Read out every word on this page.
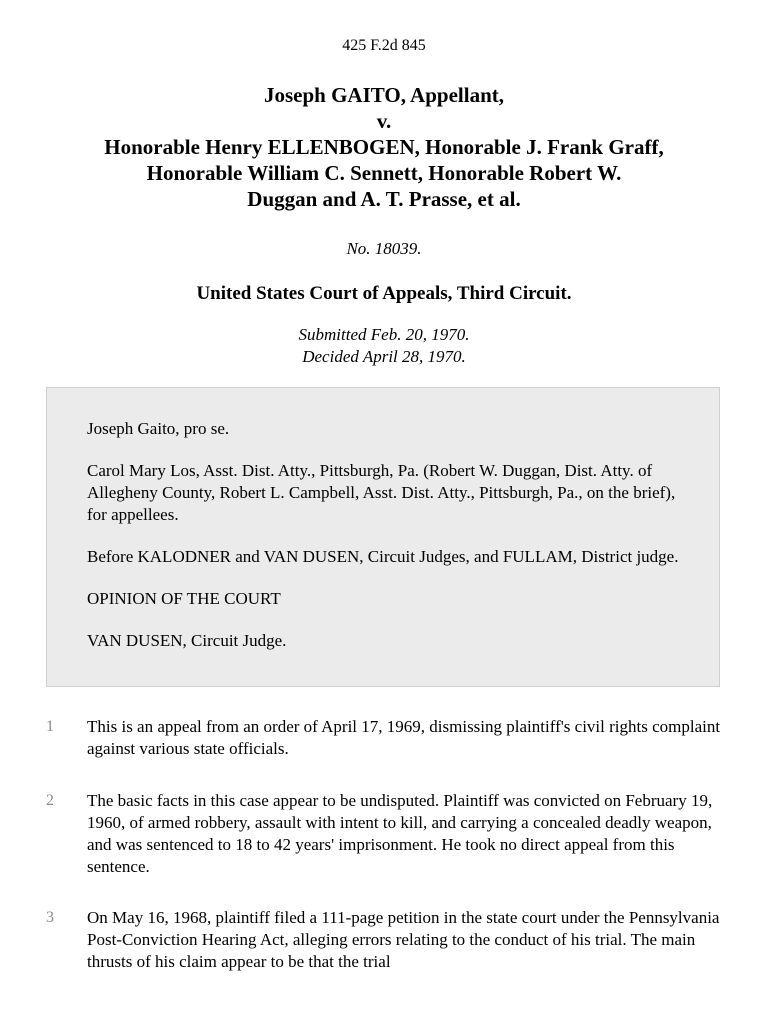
425 F.2d 845
Joseph GAITO, Appellant,
v.
Honorable Henry ELLENBOGEN, Honorable J. Frank Graff,
Honorable William C. Sennett, Honorable Robert W.
Duggan and A. T. Prasse, et al.
No. 18039.
United States Court of Appeals, Third Circuit.
Submitted Feb. 20, 1970.
Decided April 28, 1970.

Joseph Gaito, pro se.

Carol Mary Los, Asst. Dist. Atty., Pittsburgh, Pa. (Robert W. Duggan, Dist. Atty. of Allegheny County, Robert L. Campbell, Asst. Dist. Atty., Pittsburgh, Pa., on the brief), for appellees.

Before KALODNER and VAN DUSEN, Circuit Judges, and FULLAM, District judge.

OPINION OF THE COURT

VAN DUSEN, Circuit Judge.

1 This is an appeal from an order of April 17, 1969, dismissing plaintiff's civil rights complaint against various state officials.
2 The basic facts in this case appear to be undisputed. Plaintiff was convicted on February 19, 1960, of armed robbery, assault with intent to kill, and carrying a concealed deadly weapon, and was sentenced to 18 to 42 years' imprisonment. He took no direct appeal from this sentence.
3 On May 16, 1968, plaintiff filed a 111-page petition in the state court under the Pennsylvania Post-Conviction Hearing Act, alleging errors relating to the conduct of his trial. The main thrusts of his claim appear to be that the trial
